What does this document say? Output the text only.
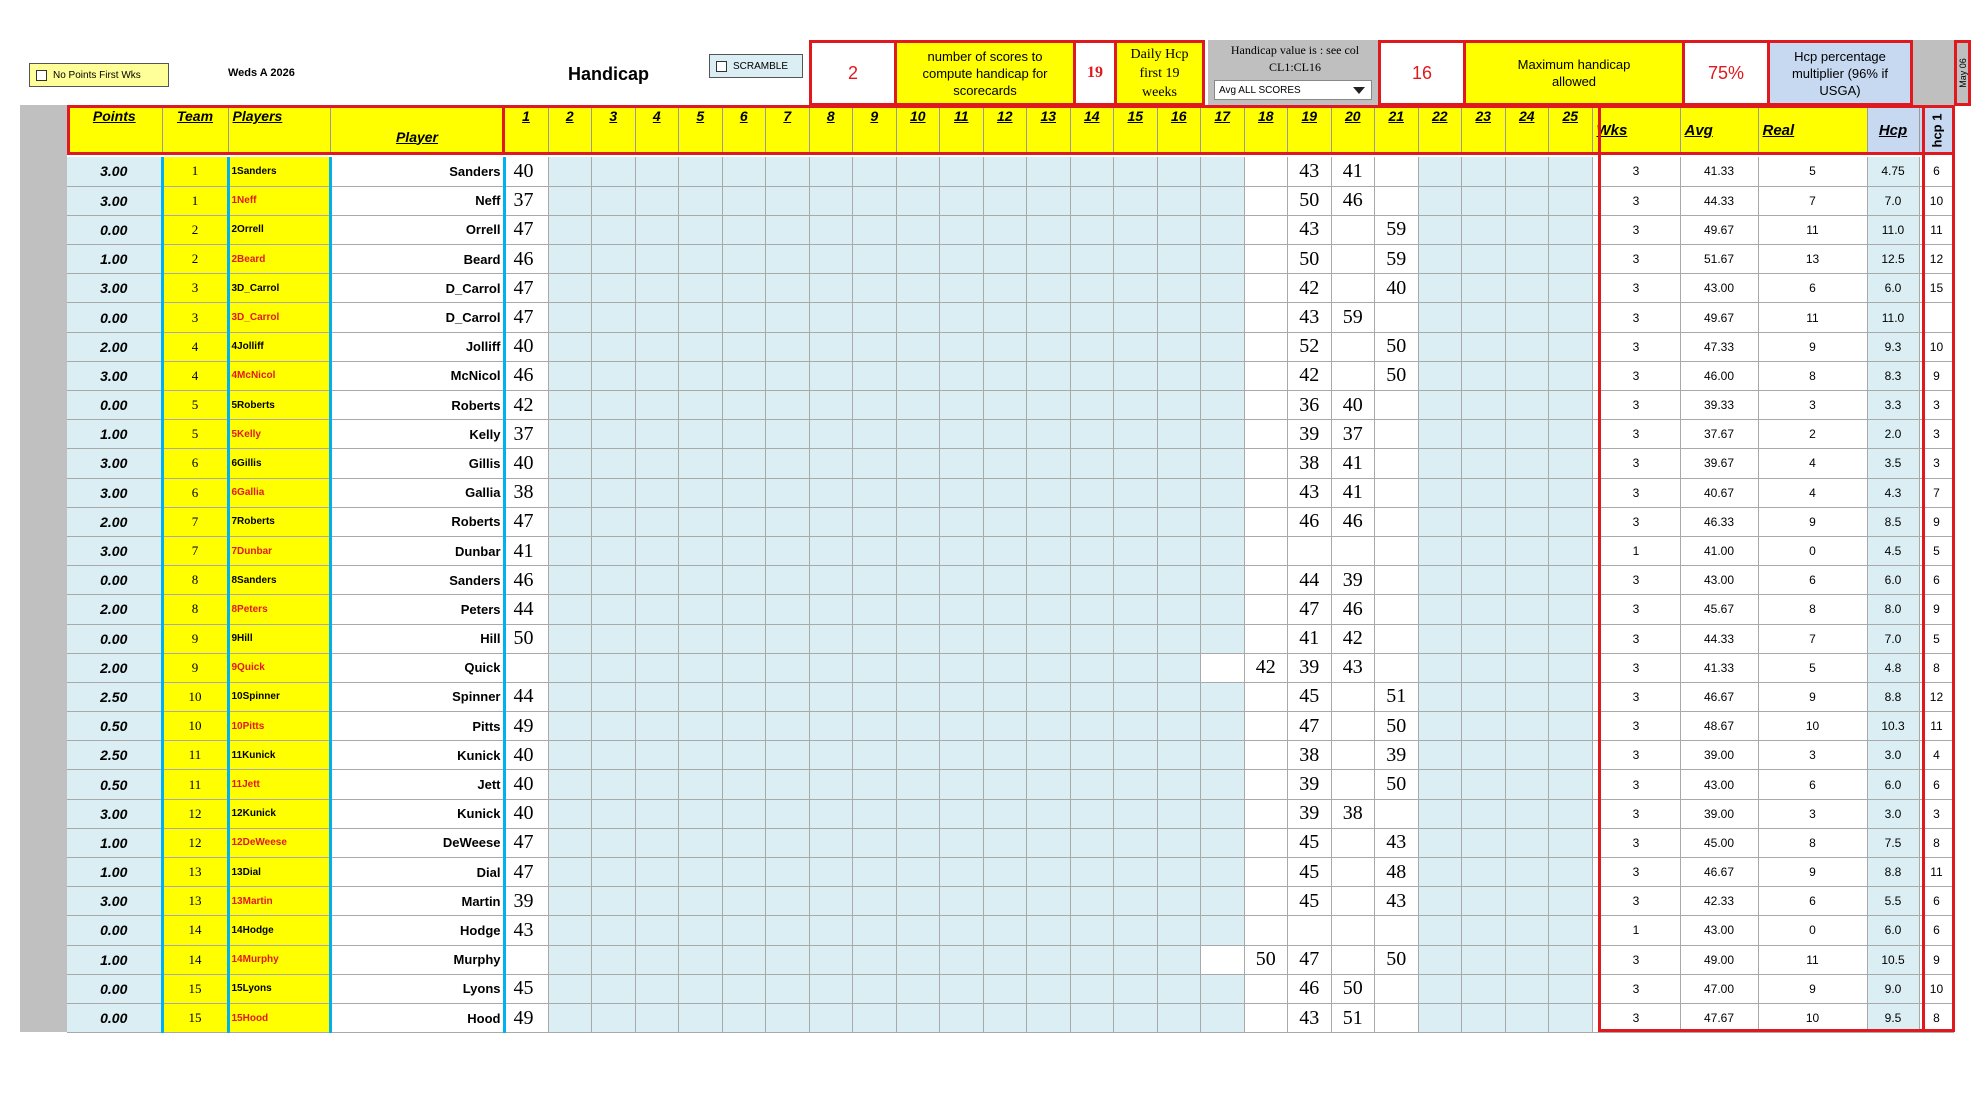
No Points First Wks	Weds A 2026	Handicap	SCRAMBLE	2
number of scores to compute handicap for scorecards
19
Daily Hcp first 19 weeks
Handicap value is : see col CL1:CL16
Avg ALL SCORES
16	Maximum handicap allowed	75%
Hcp percentage multiplier (96% if USGA)
May 06
Points	Team	Players	Player	1	2	3	4	5	6	7	8	9	10	11	12	13	14	15	16	17	18	19	20	21	22	23	24	25	Wks	Avg	Real	Hcp	hcp 1

3.00	1	1Sanders	Sanders	40																		43	41						3	41.33	5	4.75	6
3.00	1	1Neff	Neff	37																		50	46						3	44.33	7	7.0	10
0.00	2	2Orrell	Orrell	47																		43		59					3	49.67	11	11.0	11
1.00	2	2Beard	Beard	46																		50		59					3	51.67	13	12.5	12
3.00	3	3D_Carrol	D_Carrol	47																		42		40					3	43.00	6	6.0	15
0.00	3	3D_Carrol	D_Carrol	47																		43	59						3	49.67	11	11.0	
2.00	4	4Jolliff	Jolliff	40																		52		50					3	47.33	9	9.3	10
3.00	4	4McNicol	McNicol	46																		42		50					3	46.00	8	8.3	9
0.00	5	5Roberts	Roberts	42																		36	40						3	39.33	3	3.3	3
1.00	5	5Kelly	Kelly	37																		39	37						3	37.67	2	2.0	3
3.00	6	6Gillis	Gillis	40																		38	41						3	39.67	4	3.5	3
3.00	6	6Gallia	Gallia	38																		43	41						3	40.67	4	4.3	7
2.00	7	7Roberts	Roberts	47																		46	46						3	46.33	9	8.5	9
3.00	7	7Dunbar	Dunbar	41																									1	41.00	0	4.5	5
0.00	8	8Sanders	Sanders	46																		44	39						3	43.00	6	6.0	6
2.00	8	8Peters	Peters	44																		47	46						3	45.67	8	8.0	9
0.00	9	9Hill	Hill	50																		41	42						3	44.33	7	7.0	5
2.00	9	9Quick	Quick																		42	39	43						3	41.33	5	4.8	8
2.50	10	10Spinner	Spinner	44																		45		51					3	46.67	9	8.8	12
0.50	10	10Pitts	Pitts	49																		47		50					3	48.67	10	10.3	11
2.50	11	11Kunick	Kunick	40																		38		39					3	39.00	3	3.0	4
0.50	11	11Jett	Jett	40																		39		50					3	43.00	6	6.0	6
3.00	12	12Kunick	Kunick	40																		39	38						3	39.00	3	3.0	3
1.00	12	12DeWeese	DeWeese	47																		45		43					3	45.00	8	7.5	8
1.00	13	13Dial	Dial	47																		45		48					3	46.67	9	8.8	11
3.00	13	13Martin	Martin	39																		45		43					3	42.33	6	5.5	6
0.00	14	14Hodge	Hodge	43																									1	43.00	0	6.0	6
1.00	14	14Murphy	Murphy																		50	47		50					3	49.00	11	10.5	9
0.00	15	15Lyons	Lyons	45																		46	50						3	47.00	9	9.0	10
0.00	15	15Hood	Hood	49																		43	51						3	47.67	10	9.5	8
